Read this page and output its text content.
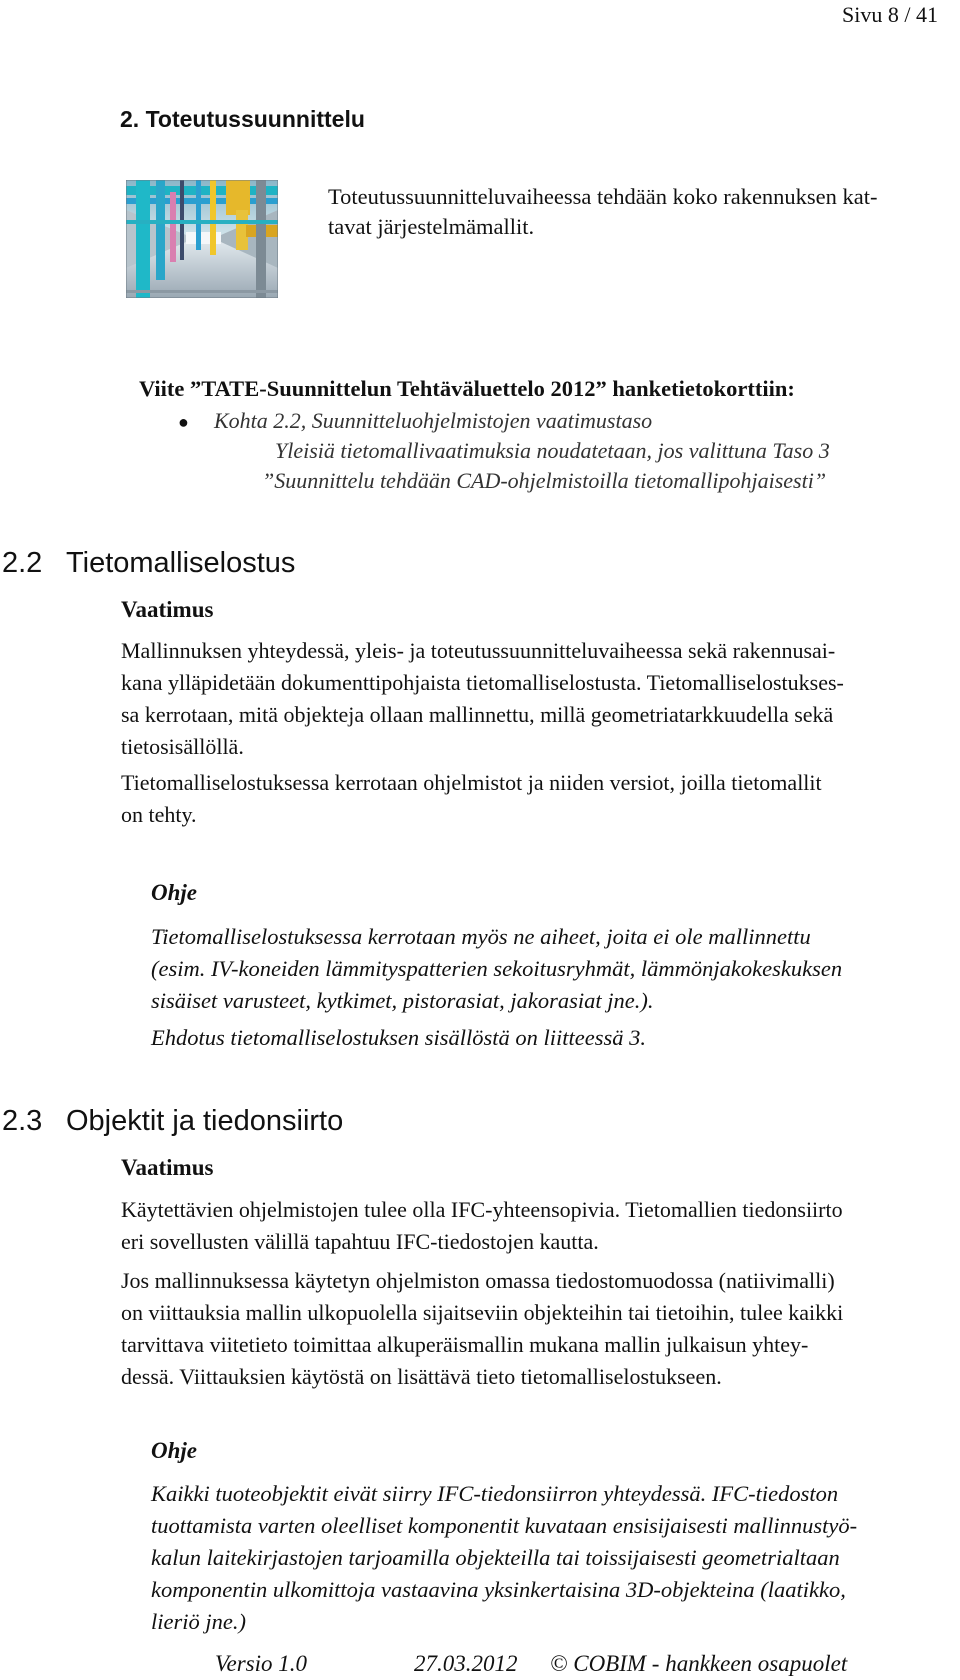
Sivu 8 / 41
2. Toteutussuunnittelu
Toteutussuunnitteluvaiheessa tehdään koko rakennuksen kat-
tavat järjestelmämallit.
Viite ”TATE-Suunnittelun Tehtäväluettelo 2012” hanketietokorttiin:
● Kohta 2.2, Suunnitteluohjelmistojen vaatimustaso
Yleisiä tietomallivaatimuksia noudatetaan, jos valittuna Taso 3
”Suunnittelu tehdään CAD-ohjelmistoilla tietomallipohjaisesti”
2.2 Tietomalliselostus
Vaatimus
Mallinnuksen yhteydessä, yleis- ja toteutussuunnitteluvaiheessa sekä rakennusai-
kana ylläpidetään dokumenttipohjaista tietomalliselostusta. Tietomalliselostukses-
sa kerrotaan, mitä objekteja ollaan mallinnettu, millä geometriatarkkuudella sekä
tietosisällöllä.
Tietomalliselostuksessa kerrotaan ohjelmistot ja niiden versiot, joilla tietomallit
on tehty.
Ohje
Tietomalliselostuksessa kerrotaan myös ne aiheet, joita ei ole mallinnettu
(esim. IV-koneiden lämmityspatterien sekoitusryhmät, lämmönjakokeskuksen
sisäiset varusteet, kytkimet, pistorasiat, jakorasiat jne.).
Ehdotus tietomalliselostuksen sisällöstä on liitteessä 3.
2.3 Objektit ja tiedonsiirto
Vaatimus
Käytettävien ohjelmistojen tulee olla IFC-yhteensopivia. Tietomallien tiedonsiirto
eri sovellusten välillä tapahtuu IFC-tiedostojen kautta.
Jos mallinnuksessa käytetyn ohjelmiston omassa tiedostomuodossa (natiivimalli)
on viittauksia mallin ulkopuolella sijaitseviin objekteihin tai tietoihin, tulee kaikki
tarvittava viitetieto toimittaa alkuperäismallin mukana mallin julkaisun yhtey-
dessä. Viittauksien käytöstä on lisättävä tieto tietomalliselostukseen.
Ohje
Kaikki tuoteobjektit eivät siirry IFC-tiedonsiirron yhteydessä. IFC-tiedoston
tuottamista varten oleelliset komponentit kuvataan ensisijaisesti mallinnustyö-
kalun laitekirjastojen tarjoamilla objekteilla tai toissijaisesti geometrialtaan
komponentin ulkomittoja vastaavina yksinkertaisina 3D-objekteina (laatikko,
lieriö jne.)
Versio 1.0	27.03.2012 © COBIM - hankkeen osapuolet
